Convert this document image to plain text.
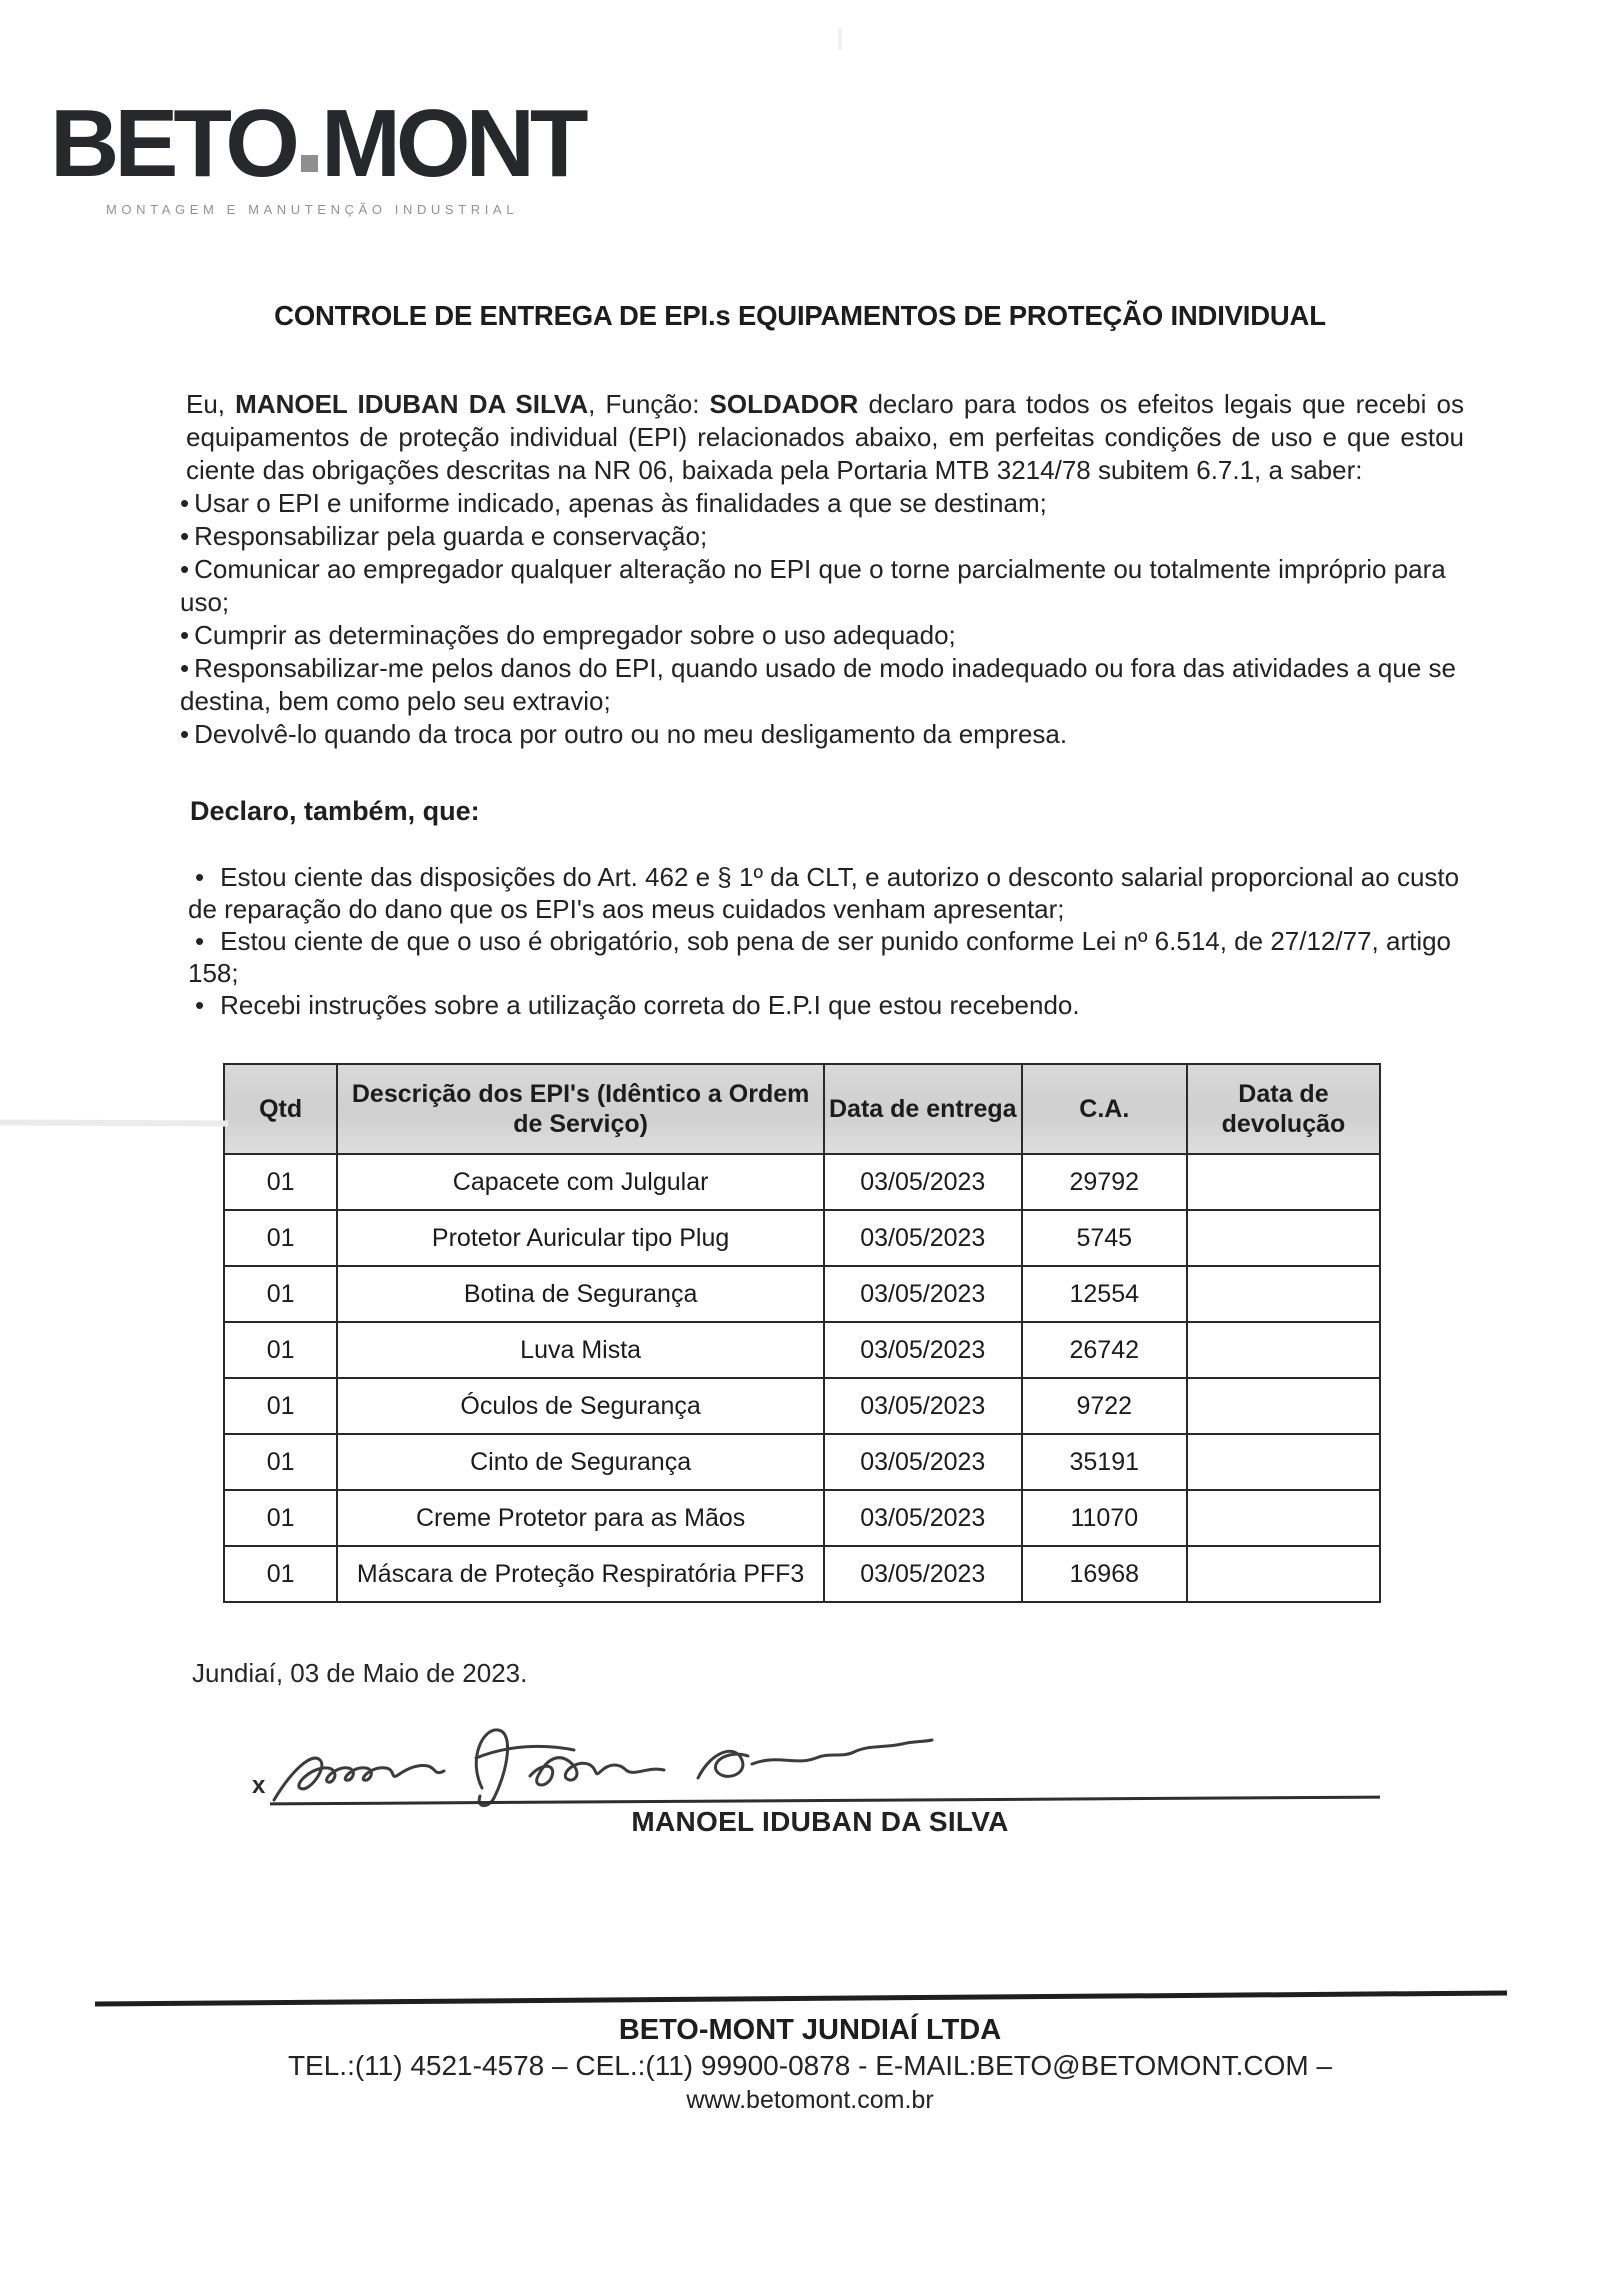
BETO MONT
MONTAGEM E MANUTENÇÃO INDUSTRIAL
CONTROLE DE ENTREGA DE EPI.s EQUIPAMENTOS DE PROTEÇÃO INDIVIDUAL

Eu, MANOEL IDUBAN DA SILVA, Função: SOLDADOR declaro para todos os efeitos legais que recebi os equipamentos de proteção individual (EPI) relacionados abaixo, em perfeitas condições de uso e que estou ciente das obrigações descritas na NR 06, baixada pela Portaria MTB 3214/78 subitem 6.7.1, a saber:

• Usar o EPI e uniforme indicado, apenas às finalidades a que se destinam;
• Responsabilizar pela guarda e conservação;
• Comunicar ao empregador qualquer alteração no EPI que o torne parcialmente ou totalmente impróprio para uso;
• Cumprir as determinações do empregador sobre o uso adequado;
• Responsabilizar-me pelos danos do EPI, quando usado de modo inadequado ou fora das atividades a que se destina, bem como pelo seu extravio;
• Devolvê-lo quando da troca por outro ou no meu desligamento da empresa.
Declaro, também, que:
• Estou ciente das disposições do Art. 462 e § 1º da CLT, e autorizo o desconto salarial proporcional ao custo de reparação do dano que os EPI's aos meus cuidados venham apresentar;
• Estou ciente de que o uso é obrigatório, sob pena de ser punido conforme Lei nº 6.514, de 27/12/77, artigo 158;
• Recebi instruções sobre a utilização correta do E.P.I que estou recebendo.
Qtd	Descrição dos EPI's (Idêntico a Ordem de Serviço)	Data de entrega	C.A.	Data de devolução
01	Capacete com Julgular	03/05/2023	29792	
01	Protetor Auricular tipo Plug	03/05/2023	5745	
01	Botina de Segurança	03/05/2023	12554	
01	Luva Mista	03/05/2023	26742	
01	Óculos de Segurança	03/05/2023	9722	
01	Cinto de Segurança	03/05/2023	35191	
01	Creme Protetor para as Mãos	03/05/2023	11070	
01	Máscara de Proteção Respiratória PFF3	03/05/2023	16968	

Jundiaí, 03 de Maio de 2023.

x
MANOEL IDUBAN DA SILVA
BETO-MONT JUNDIAÍ LTDA
TEL.:(11) 4521-4578 – CEL.:(11) 99900-0878 - E-MAIL:BETO@BETOMONT.COM –
www.betomont.com.br
